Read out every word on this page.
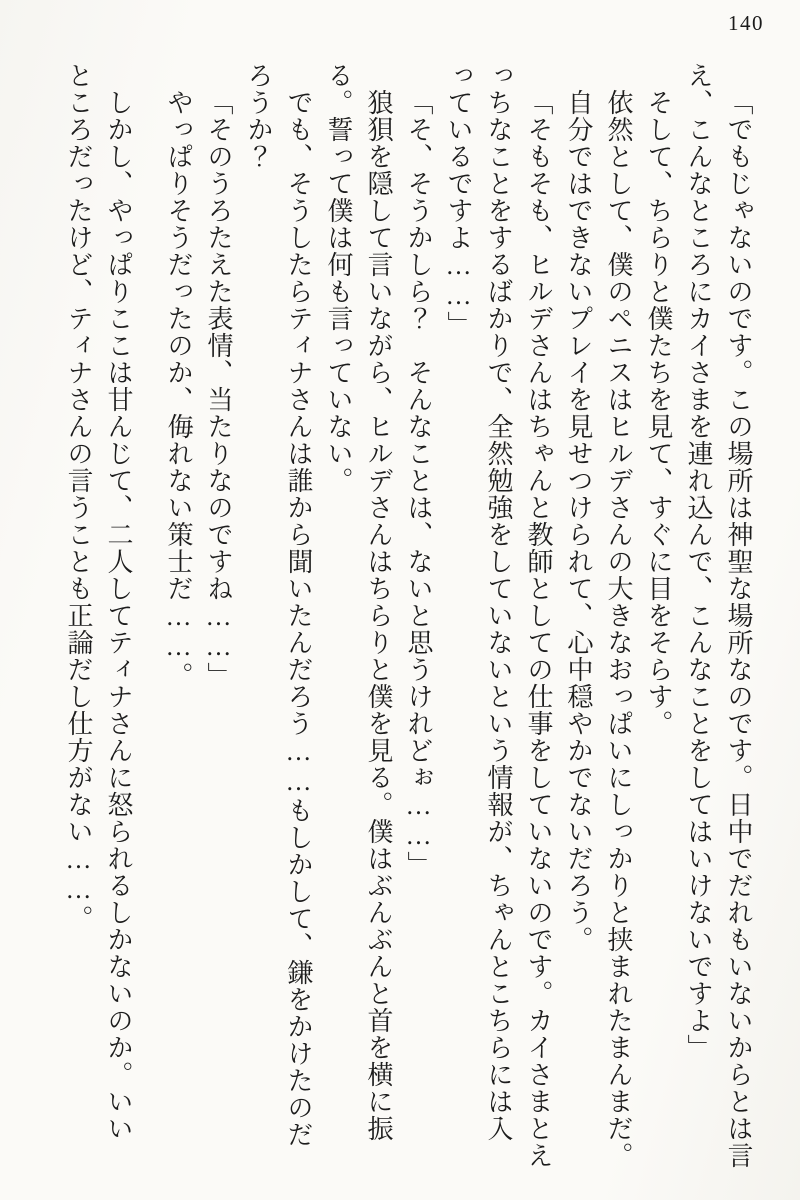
140

「でもじゃないのです。この場所は神聖な場所なのです。日中でだれもいないからとは言

え、こんなところにカイさまを連れ込んで、こんなことをしてはいけないですよ」

そして、ちらりと僕たちを見て、すぐに目をそらす。

依然として、僕のペニスはヒルデさんの大きなおっぱいにしっかりと挟まれたまんまだ。

自分ではできないプレイを見せつけられて、心中穏やかでないだろう。

「そもそも、ヒルデさんはちゃんと教師としての仕事をしていないのです。カイさまとえ

っちなことをするばかりで、全然勉強をしていないという情報が、ちゃんとこちらには入

っているですよ……」

「そ、そうかしら？　そんなことは、ないと思うけれどぉ……」

狼狽を隠して言いながら、ヒルデさんはちらりと僕を見る。僕はぶんぶんと首を横に振

る。誓って僕は何も言っていない。

でも、そうしたらティナさんは誰から聞いたんだろう……もしかして、鎌をかけたのだ

ろうか？

「そのうろたえた表情、当たりなのですね……」

やっぱりそうだったのか、侮れない策士だ……。

しかし、やっぱりここは甘んじて、二人してティナさんに怒られるしかないのか。いい

ところだったけど、ティナさんの言うことも正論だし仕方がない……。
